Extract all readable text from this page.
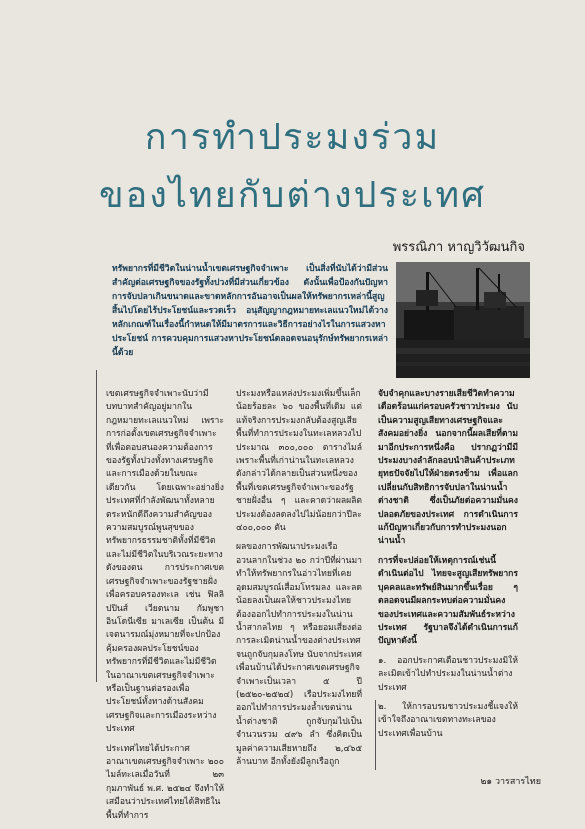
การทำประมงร่วม
ของไทยกับต่างประเทศ
พรรณิภา หาญวิวัฒนกิจ
ทรัพยากรที่มีชีวิตในน่านน้ำเขตเศรษฐกิจจำเพาะ เป็นสิ่งที่นับได้ว่ามีส่วนสำคัญต่อเศรษฐกิจของรัฐทั้งปวงที่มีส่วนเกี่ยวข้อง ดังนั้นเพื่อป้องกันปัญหาการจับปลาเกินขนาดและขาดหลักการอันอาจเป็นผลให้ทรัพยากรเหล่านี้สูญสิ้นไปโดยไร้ประโยชน์และรวดเร็ว อนุสัญญากฎหมายทะเลแนวใหม่ได้วางหลักเกณฑ์ในเรื่องนี้กำหนดให้มีมาตรการและวิธีการอย่างไรในการแสวงหาประโยชน์ การควบคุมการแสวงหาประโยชน์ตลอดจนอนุรักษ์ทรัพยากรเหล่านี้ด้วย

เขตเศรษฐกิจจำเพาะนับว่ามีบทบาทสำคัญอยู่มากในกฎหมายทะเลแนวใหม่ เพราะการก่อตั้งเขตเศรษฐกิจจำเพาะ ที่เพื่อตอบสนองความต้องการของรัฐทั้งปวงทั้งทางเศรษฐกิจและการเมืองด้วยในขณะเดียวกัน โดยเฉพาะอย่างยิ่งประเทศที่กำลังพัฒนาทั้งหลายตระหนักดีถึงความสำคัญของความสมบูรณ์พูนสุขของทรัพยากรธรรมชาติทั้งที่มีชีวิตและไม่มีชีวิตในบริเวณระยะทางดังของตน การประกาศเขตเศรษฐกิจจำเพาะของรัฐชายฝั่งเพื่อครอบครองทะเล เช่น ฟิลลิปปินส์ เวียดนาม กัมพูชา อินโดนีเซีย มาเลเซีย เป็นต้น มีเจตนารมณ์มุ่งหมายที่จะปกป้องคุ้มครองผลประโยชน์ของทรัพยากรที่มีชีวิตและไม่มีชีวิตในอาณาเขตเศรษฐกิจจำเพาะหรือเป็นฐานต่อรองเพื่อประโยชน์ทั้งทางด้านสังคม เศรษฐกิจและการเมืองระหว่างประเทศ

ประเทศไทยได้ประกาศอาณาเขตเศรษฐกิจจำเพาะ ๒๐๐ ไมล์ทะเลเมื่อวันที่ ๒๓ กุมภาพันธ์ พ.ศ. ๒๕๒๔ จึงทำให้เสมือนว่าประเทศไทยได้สิทธิในพื้นที่ทำการ

ประมงหรือแหล่งประมงเพิ่มขึ้นเล็กน้อยร้อยละ ๖๐ ของพื้นที่เดิม แต่แท้จริงการประมงกลับต้องสูญเสียพื้นที่ทำการประมงในทะเลหลวงไปประมาณ ๓๐๐,๐๐๐ ตารางไมล์ เพราะพื้นที่เก่าน่านในทะเลหลวงดังกล่าวได้กลายเป็นส่วนหนึ่งของพื้นที่เขตเศรษฐกิจจำเพาะของรัฐชายฝั่งอื่น ๆ และคาดว่าผลผลิตประมงต้องลดลงไปไม่น้อยกว่าปีละ ๔๐๐,๐๐๐ ตัน

ผลของการพัฒนาประมงเรืออวนลากในช่วง ๒๐ กว่าปีที่ผ่านมา ทำให้ทรัพยากรในอ่าวไทยที่เคยอุดมสมบูรณ์เสื่อมโทรมลง และลดน้อยลงเป็นผลให้ชาวประมงไทยต้องออกไปทำการประมงในน่านน้ำสากลไทย ๆ หรือยอมเสี่ยงต่อการละเมิดน่านน้ำของต่างประเทศจนถูกจับกุมลงโทษ นับจากประเทศเพื่อนบ้านได้ประกาศเขตเศรษฐกิจจำเพาะเป็นเวลา ๕ ปี (๒๕๒๐-๒๕๒๔) เรือประมงไทยที่ออกไปทำการประมงล้ำเขตน่านน้ำต่างชาติ ถูกจับกุมไปเป็นจำนวนรวม ๔๙๖ ลำ ซึ่งคิดเป็นมูลค่าความเสียหายถึง ๒,๔๖๕ ล้านบาท อีกทั้งยังมีลูกเรือถูก

จับจำคุกและบางรายเสียชีวิตทำความเดือดร้อนแก่ครอบครัวชาวประมง นับเป็นความสูญเสียทางเศรษฐกิจและสังคมอย่างยิ่ง นอกจากนี้ผลเสียที่ตามมาอีกประการหนึ่งคือ ปรากฏว่ามีมีประมงบางลำลักลอบนำสินค้าประเภทยุทธปัจจัยไปให้ฝ่ายตรงข้าม เพื่อแลกเปลี่ยนกับสิทธิการจับปลาในน่านน้ำต่างชาติ ซึ่งเป็นภัยต่อความมั่นคงปลอดภัยของประเทศ การดำเนินการแก้ปัญหาเกี่ยวกับการทำประมงนอกน่านน้ำ

การที่จะปล่อยให้เหตุการณ์เช่นนี้ดำเนินต่อไป ไทยจะสูญเสียทรัพยากรบุคคลและทรัพย์สินมากขึ้นเรื่อย ๆ ตลอดจนมีผลกระทบต่อความมั่นคงของประเทศและความสัมพันธ์ระหว่างประเทศ รัฐบาลจึงได้ดำเนินการแก้ปัญหาดังนี้

๑. ออกประกาศเตือนชาวประมงมิให้ละเมิดเข้าไปทำประมงในน่านน้ำต่างประเทศ

๒. ให้การอบรมชาวประมงชี้แจงให้เข้าใจถึงอาณาเขตทางทะเลของประเทศเพื่อนบ้าน

๒๑ วารสารไทย
